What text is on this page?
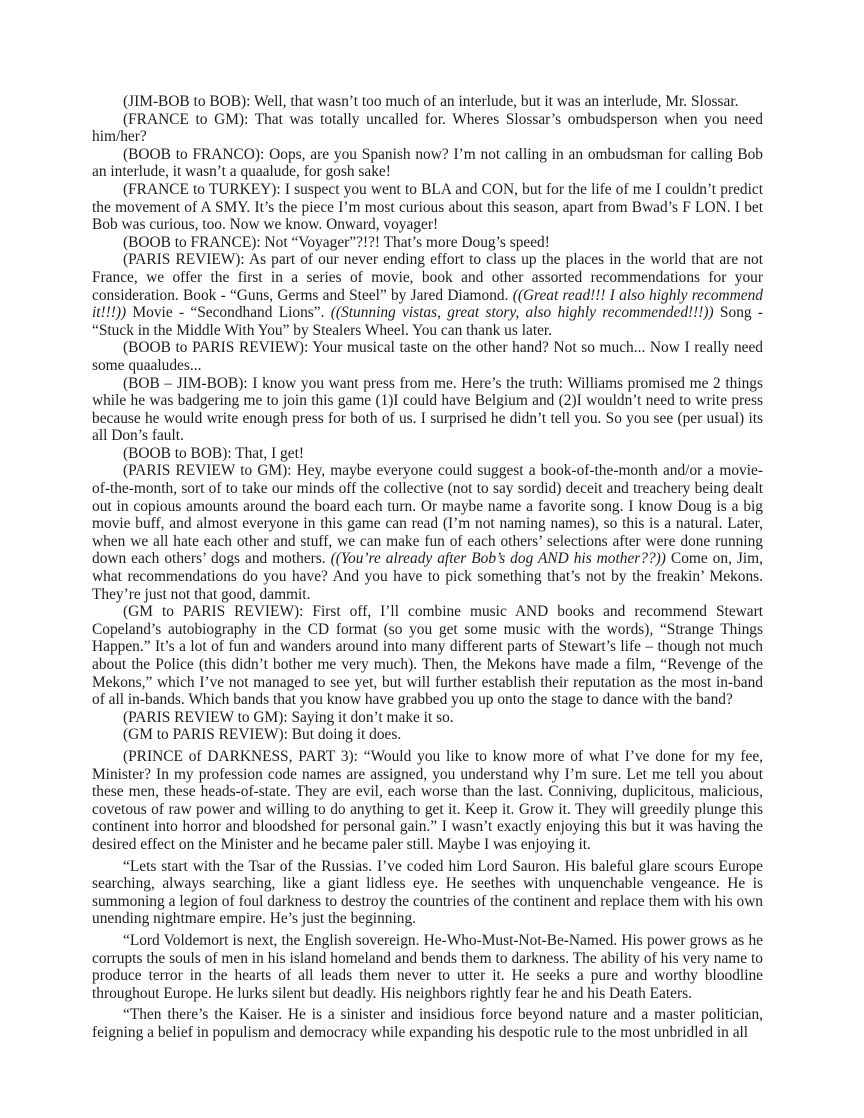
(JIM-BOB to BOB): Well, that wasn’t too much of an interlude, but it was an interlude, Mr. Slossar.

(FRANCE to GM): That was totally uncalled for. Wheres Slossar’s ombudsperson when you need him/her?

(BOOB to FRANCO): Oops, are you Spanish now? I’m not calling in an ombudsman for calling Bob an interlude, it wasn’t a quaalude, for gosh sake!

(FRANCE to TURKEY): I suspect you went to BLA and CON, but for the life of me I couldn’t predict the movement of A SMY. It’s the piece I’m most curious about this season, apart from Bwad’s F LON. I bet Bob was curious, too. Now we know. Onward, voyager!

(BOOB to FRANCE): Not “Voyager”?!?! That’s more Doug’s speed!

(PARIS REVIEW): As part of our never ending effort to class up the places in the world that are not France, we offer the first in a series of movie, book and other assorted recommendations for your consideration. Book - “Guns, Germs and Steel” by Jared Diamond. ((Great read!!! I also highly recommend it!!!)) Movie - “Secondhand Lions”. ((Stunning vistas, great story, also highly recommended!!!)) Song - “Stuck in the Middle With You” by Stealers Wheel. You can thank us later.

(BOOB to PARIS REVIEW): Your musical taste on the other hand? Not so much... Now I really need some quaaludes...

(BOB – JIM-BOB): I know you want press from me. Here’s the truth: Williams promised me 2 things while he was badgering me to join this game (1)I could have Belgium and (2)I wouldn’t need to write press because he would write enough press for both of us. I surprised he didn’t tell you. So you see (per usual) its all Don’s fault.

(BOOB to BOB): That, I get!

(PARIS REVIEW to GM): Hey, maybe everyone could suggest a book-of-the-month and/or a movie-of-the-month, sort of to take our minds off the collective (not to say sordid) deceit and treachery being dealt out in copious amounts around the board each turn. Or maybe name a favorite song. I know Doug is a big movie buff, and almost everyone in this game can read (I’m not naming names), so this is a natural. Later, when we all hate each other and stuff, we can make fun of each others’ selections after were done running down each others’ dogs and mothers. ((You’re already after Bob’s dog AND his mother??)) Come on, Jim, what recommendations do you have? And you have to pick something that’s not by the freakin’ Mekons. They’re just not that good, dammit.

(GM to PARIS REVIEW): First off, I’ll combine music AND books and recommend Stewart Copeland’s autobiography in the CD format (so you get some music with the words), “Strange Things Happen.” It’s a lot of fun and wanders around into many different parts of Stewart’s life – though not much about the Police (this didn’t bother me very much). Then, the Mekons have made a film, “Revenge of the Mekons,” which I’ve not managed to see yet, but will further establish their reputation as the most in-band of all in-bands. Which bands that you know have grabbed you up onto the stage to dance with the band?

(PARIS REVIEW to GM): Saying it don’t make it so.

(GM to PARIS REVIEW): But doing it does.

(PRINCE of DARKNESS, PART 3): “Would you like to know more of what I’ve done for my fee, Minister? In my profession code names are assigned, you understand why I’m sure. Let me tell you about these men, these heads-of-state. They are evil, each worse than the last. Conniving, duplicitous, malicious, covetous of raw power and willing to do anything to get it. Keep it. Grow it. They will greedily plunge this continent into horror and bloodshed for personal gain.” I wasn’t exactly enjoying this but it was having the desired effect on the Minister and he became paler still. Maybe I was enjoying it.

“Lets start with the Tsar of the Russias. I’ve coded him Lord Sauron. His baleful glare scours Europe searching, always searching, like a giant lidless eye. He seethes with unquenchable vengeance. He is summoning a legion of foul darkness to destroy the countries of the continent and replace them with his own unending nightmare empire. He’s just the beginning.

“Lord Voldemort is next, the English sovereign. He-Who-Must-Not-Be-Named. His power grows as he corrupts the souls of men in his island homeland and bends them to darkness. The ability of his very name to produce terror in the hearts of all leads them never to utter it. He seeks a pure and worthy bloodline throughout Europe. He lurks silent but deadly. His neighbors rightly fear he and his Death Eaters.

“Then there’s the Kaiser. He is a sinister and insidious force beyond nature and a master politician, feigning a belief in populism and democracy while expanding his despotic rule to the most unbridled in all
